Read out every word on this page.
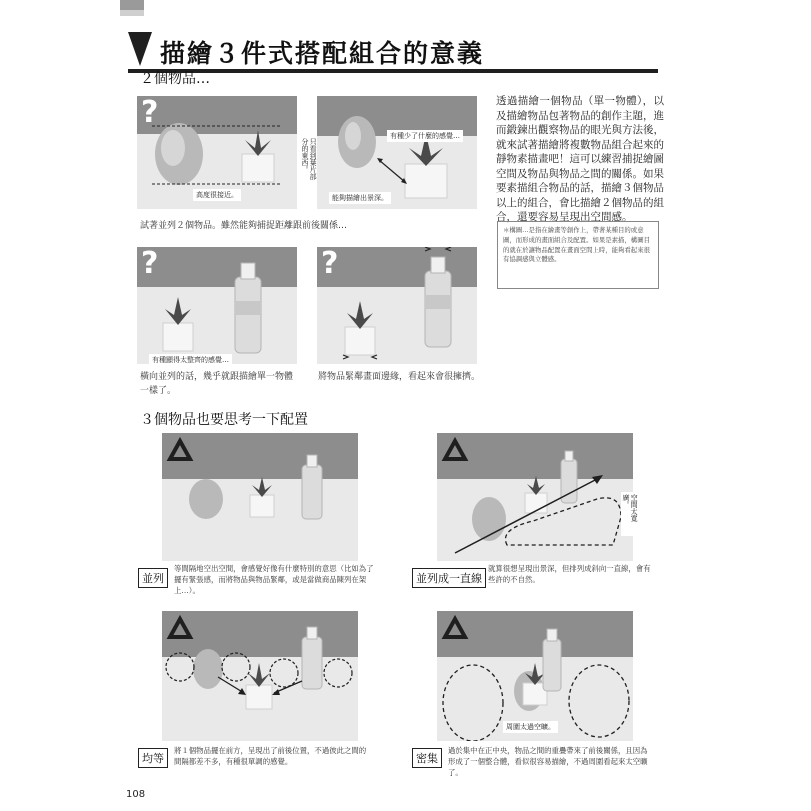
描繪３件式搭配組合的意義
２個物品…
?
高度很接近。
只看到葉片部分的東西。
有種少了什麼的感覺…
能夠描繪出景深。
試著並列２個物品。雖然能夠捕捉距離跟前後關係…
?
有種顯得太整齊的感覺…
?
橫向並列的話，幾乎就跟描繪單一物體一樣了。
將物品緊鄰畫面邊緣，看起來會很擁擠。
透過描繪一個物品（單一物體），以及描繪物品包著物品的創作主題，進而鍛鍊出觀察物品的眼光與方法後，就來試著描繪將複數物品組合起來的靜物素描畫吧！這可以練習捕捉繪圖空間及物品與物品之間的關係。如果要素描組合物品的話，描繪３個物品以上的組合，會比描繪２個物品的組合，還要容易呈現出空間感。
＊構圖…是指在繪畫等創作上，帶著某種目的或意圖，而形成的畫面組合及配置。如果是素描，構圖目的就在於讓物品配置在畫面空間上時，能夠看起來很有協調感與立體感。
３個物品也要思考一下配置
並列
等間隔地空出空間，會感覺好像有什麼特別的意思（比如為了擺有緊張感，而將物品與物品緊鄰，或是當做商品陳列在架上…）。
空間太寬廣。
並列成一直線
就算很想呈現出景深，但排列成斜向一直線，會有些許的不自然。
均等
將１個物品擺在前方，呈現出了前後位置，不過彼此之間的間隔都差不多，有種很單調的感覺。
周圍太過空曠。
密集
過於集中在正中央，物品之間的重疊帶來了前後關係，且因為形成了一個整合體，看似很容易描繪，不過周圍看起來太空曠了。
108
